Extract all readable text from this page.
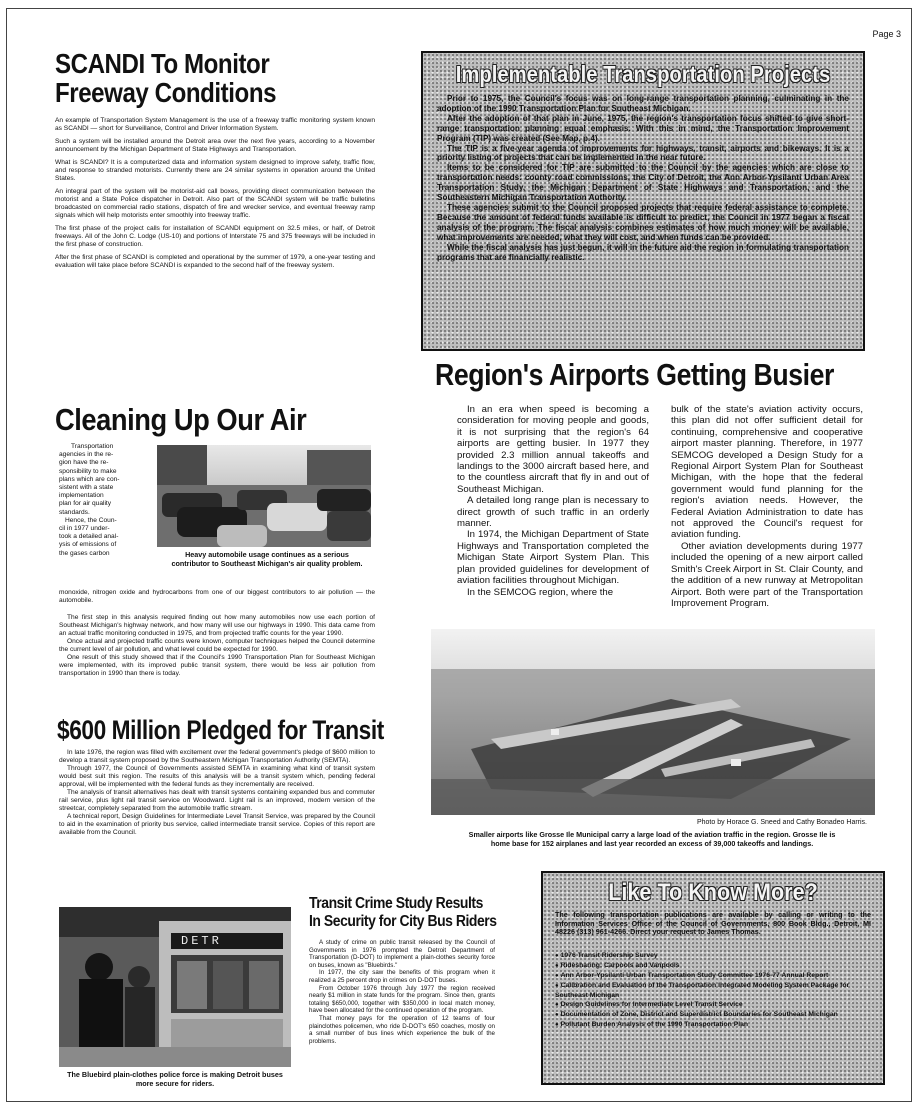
Page 3
SCANDI To Monitor
Freeway Conditions

An example of Transportation System Management is the use of a freeway traffic monitoring system known as SCANDI — short for Surveillance, Control and Driver Information System.

Such a system will be installed around the Detroit area over the next five years, according to a November announcement by the Michigan Department of State Highways and Transportation.

What is SCANDI? It is a computerized data and information system designed to improve safety, traffic flow, and response to stranded motorists. Currently there are 24 similar systems in operation around the United States.

An integral part of the system will be motorist-aid call boxes, providing direct communication between the motorist and a State Police dispatcher in Detroit. Also part of the SCANDI system will be traffic bulletins broadcasted on commercial radio stations, dispatch of fire and wrecker service, and eventual freeway ramp signals which will help motorists enter smoothly into freeway traffic.

The first phase of the project calls for installation of SCANDI equipment on 32.5 miles, or half, of Detroit freeways. All of the John C. Lodge (US-10) and portions of Interstate 75 and 375 freeways will be included in the first phase of construction.

After the first phase of SCANDI is completed and operational by the summer of 1979, a one-year testing and evaluation will take place before SCANDI is expanded to the second half of the freeway system.

Cleaning Up Our Air
Transportation
agencies in the re-
gion have the re-
sponsibility to make
plans which are con-
sistent with a state
implementation
plan for air quality
standards.
Hence, the Coun-
cil in 1977 under-
took a detailed anal-
ysis of emissions of
the gases carbon	Heavy automobile usage continues as a serious contributor to Southeast Michigan's air quality problem.

monoxide, nitrogen oxide and hydrocarbons from one of our biggest contributors to air pollution — the automobile.

The first step in this analysis required finding out how many automobiles now use each portion of Southeast Michigan's highway network, and how many will use our highways in 1990. This data came from an actual traffic monitoring conducted in 1975, and from projected traffic counts for the year 1990.

Once actual and projected traffic counts were known, computer techniques helped the Council determine the current level of air pollution, and what level could be expected for 1990.

One result of this study showed that if the Council's 1990 Transportation Plan for Southeast Michigan were implemented, with its improved public transit system, there would be less air pollution from transportation in 1990 than there is today.

$600 Million Pledged for Transit

In late 1976, the region was filled with excitement over the federal government's pledge of $600 million to develop a transit system proposed by the Southeastern Michigan Transportation Authority (SEMTA).

Through 1977, the Council of Governments assisted SEMTA in examining what kind of transit system would best suit this region. The results of this analysis will be a transit system which, pending federal approval, will be implemented with the federal funds as they incrementally are received.

The analysis of transit alternatives has dealt with transit systems containing expanded bus and commuter rail service, plus light rail transit service on Woodward. Light rail is an improved, modern version of the streetcar, completely separated from the automobile traffic stream.

A technical report, Design Guidelines for Intermediate Level Transit Service, was prepared by the Council to aid in the examination of priority bus service, called intermediate transit service. Copies of this report are available from the Council.

DETR
The Bluebird plain-clothes police force is making Detroit buses more secure for riders.
Transit Crime Study Results
In Security for City Bus Riders

A study of crime on public transit released by the Council of Governments in 1976 prompted the Detroit Department of Transportation (D-DOT) to implement a plain-clothes security force on buses, known as "Bluebirds."

In 1977, the city saw the benefits of this program when it realized a 25 percent drop in crimes on D-DOT buses.

From October 1976 through July 1977 the region received nearly $1 million in state funds for the program. Since then, grants totaling $650,000, together with $350,000 in local match money, have been allocated for the continued operation of the program.

That money pays for the operation of 12 teams of four plainclothes policemen, who ride D-DOT's 650 coaches, mostly on a small number of bus lines which experience the bulk of the problems.

Implementable Transportation Projects

Prior to 1975, the Council's focus was on long-range transportation planning, culminating in the adoption of the 1990 Transportation Plan for Southeast Michigan.

After the adoption of that plan in June, 1975, the region's transportation focus shifted to give short-range transportation planning equal emphasis. With this in mind, the Transportation Improvement Program (TIP) was created (See Map, p.4).

The TIP is a five-year agenda of improvements for highways, transit, airports and bikeways. It is a priority listing of projects that can be implemented in the near future.

Items to be considered for TIP are submitted to the Council by the agencies which are close to transportation needs: county road commissions, the City of Detroit, the Ann Arbor-Ypsilanti Urban Area Transportation Study, the Michigan Department of State Highways and Transportation, and the Southeastern Michigan Transportation Authority.

These agencies submit to the Council proposed projects that require federal assistance to complete. Because the amount of federal funds available is difficult to predict, the Council in 1977 began a fiscal analysis of the program. The fiscal analysis combines estimates of how much money will be available, what improvements are needed, what they will cost, and when funds can be provided.

While the fiscal analysis has just begun, it will in the future aid the region in formulating transportation programs that are financially realistic.

Region's Airports Getting Busier

In an era when speed is becoming a consideration for moving people and goods, it is not surprising that the region's 64 airports are getting busier. In 1977 they provided 2.3 million annual takeoffs and landings to the 3000 aircraft based here, and to the countless aircraft that fly in and out of Southeast Michigan.

A detailed long range plan is necessary to direct growth of such traffic in an orderly manner.

In 1974, the Michigan Department of State Highways and Transportation completed the Michigan State Airport System Plan. This plan provided guidelines for development of aviation facilities throughout Michigan.

In the SEMCOG region, where the

bulk of the state's aviation activity occurs, this plan did not offer sufficient detail for continuing, comprehensive and cooperative airport master planning. Therefore, in 1977 SEMCOG developed a Design Study for a Regional Airport System Plan for Southeast Michigan, with the hope that the federal government would fund planning for the region's aviation needs. However, the Federal Aviation Administration to date has not approved the Council's request for aviation funding.

Other aviation developments during 1977 included the opening of a new airport called Smith's Creek Airport in St. Clair County, and the addition of a new runway at Metropolitan Airport. Both were part of the Transportation Improvement Program.

Photo by Horace G. Sneed and Cathy Bonadeo Harris.
Smaller airports like Grosse Ile Municipal carry a large load of the aviation traffic in the region. Grosse Ile is home base for 152 airplanes and last year recorded an excess of 39,000 takeoffs and landings.
Like To Know More?
The following transportation publications are available by calling or writing to the Information Services Office of the Council of Governments, 800 Book Bldg., Detroit, MI 48226 (313) 961-4266. Direct your request to James Thomas.
● 1976 Transit Ridership Survey
● Ridesharing: Carpools and Vanpools
● Ann Arbor-Ypsilanti Urban Transportation Study Committee 1976-77 Annual Report
● Calibration and Evaluation of the Transportation Integrated Modeling System Package for Southeast Michigan
● Design Guidelines for Intermediate Level Transit Service
● Documentation of Zone, District and Superdistrict Boundaries for Southeast Michigan
● Pollutant Burden Analysis of the 1990 Transportation Plan
